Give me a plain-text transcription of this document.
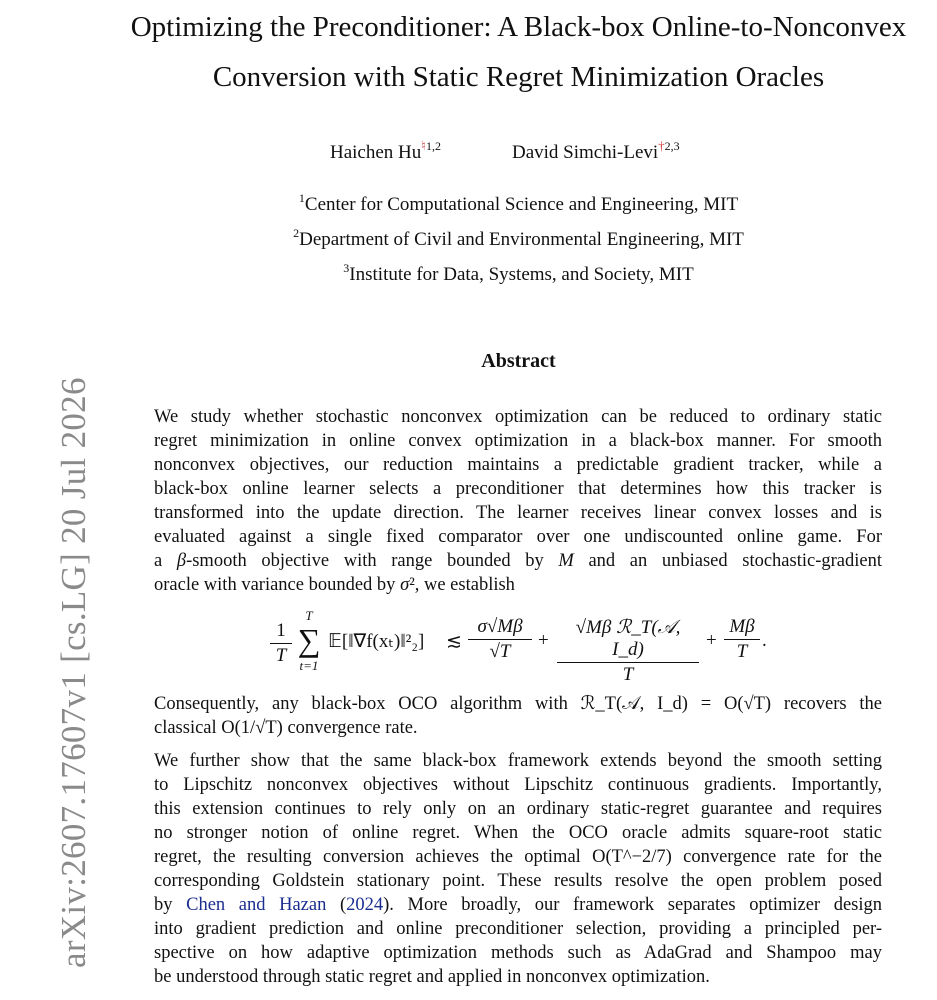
arXiv:2607.17607v1 [cs.LG] 20 Jul 2026
Optimizing the Preconditioner: A Black-box Online-to-Nonconvex
Conversion with Static Regret Minimization Oracles
Haichen $Hu^{♮1,2}$	David Simchi-Levi$^{\dagger 2,3}$
$^1$Center for Computational Science and Engineering, MIT
$^2$Department of Civil and Environmental Engineering, MIT
$^3$Institute for Data, Systems, and Society, MIT
Abstract
We study whether stochastic nonconvex optimization can be reduced to ordinary static
regret minimization in online convex optimization in a black-box manner. For smooth
nonconvex objectives, our reduction maintains a predictable gradient tracker, while a
black-box online learner selects a preconditioner that determines how this tracker is
transformed into the update direction. The learner receives linear convex losses and is
evaluated against a single fixed comparator over one undiscounted online game. For
a β-smooth objective with range bounded by M and an unbiased stochastic-gradient
oracle with variance bounded by σ², we establish
$\frac{1}{T}$
T
∑
t=1
𝔼[‖∇f(xₜ)‖²₂] ≲ $\frac{\sigma√M\beta}{√T}$ +
√Mβ ℛ_T(𝒜, I_d)
T
+ $\frac{M\beta}{T}$ .
Consequently, any black-box OCO algorithm with ℛ_T(𝒜, I_d) = O(√T) recovers the
classical O(1/√T) convergence rate.
We further show that the same black-box framework extends beyond the smooth setting
to Lipschitz nonconvex objectives without Lipschitz continuous gradients. Importantly,
this extension continues to rely only on an ordinary static-regret guarantee and requires
no stronger notion of online regret. When the OCO oracle admits square-root static
regret, the resulting conversion achieves the optimal O(T^−2/7) convergence rate for the
corresponding Goldstein stationary point. These results resolve the open problem posed
by Chen and Hazan (2024). More broadly, our framework separates optimizer design
into gradient prediction and online preconditioner selection, providing a principled per-
spective on how adaptive optimization methods such as AdaGrad and Shampoo may
be understood through static regret and applied in nonconvex optimization.
